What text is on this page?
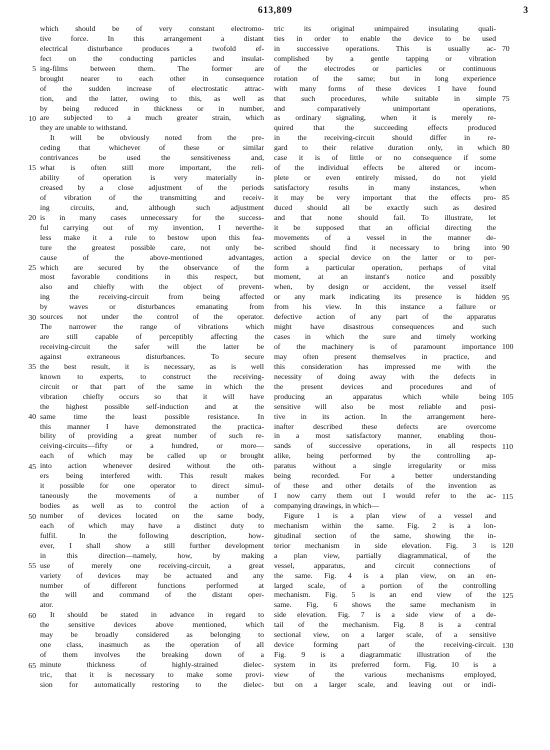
613,809	3
5
10
15
20
25
30
35
40
45
50
55
60
65
which should be of very constant electromo-
tive force. In this arrangement a distant
electrical disturbance produces a twofold ef-
fect on the conducting particles and insulat-
ing-films between them. The former are
brought nearer to each other in consequence
of the sudden increase of electrostatic attrac-
tion, and the latter, owing to this, as well as
by being reduced in thickness or in number,
are subjected to a much greater strain, which
they are unable to withstand.
It will be obviously noted from the pre-
ceding that whichever of these or similar
contrivances be used the sensitiveness and,
what is often still more important, the reli-
ability of operation is very materially in-
creased by a close adjustment of the periods
of vibration of the transmitting and receiv-
ing circuits, and, although such adjustment
is in many cases unnecessary for the success-
ful carrying out of my invention, I neverthe-
less make it a rule to bestow upon this fea-
ture the greatest possible care, not only be-
cause of the above-mentioned advantages,
which are secured by the observance of the
most favorable conditions in this respect, but
also and chiefly with the object of prevent-
ing the receiving-circuit from being affected
by waves or disturbances emanating from
sources not under the control of the operator.
The narrower the range of vibrations which
are still capable of perceptibly affecting the
receiving-circuit the safer will the latter be
against extraneous disturbances. To secure
the best result, it is necessary, as is well
known to experts, to construct the receiving-
circuit or that part of the same in which the
vibration chiefly occurs so that it will have
the highest possible self-induction and at the
same time the least possible resistance. In
this manner I have demonstrated the practica-
bility of providing a great number of such re-
ceiving-circuits—fifty or a hundred, or more—
each of which may be called up or brought
into action whenever desired without the oth-
ers being interfered with. This result makes
it possible for one operator to direct simul-
taneously the movements of a number of
bodies as well as to control the action of a
number of devices located on the same body,
each of which may have a distinct duty to
fulfil. In the following description, how-
ever, I shall show a still further development
in this direction—namely, how, by making
use of merely one receiving-circuit, a great
variety of devices may be actuated and any
number of different functions performed at
the will and command of the distant oper-
ator.
It should be stated in advance in regard to
the sensitive devices above mentioned, which
may be broadly considered as belonging to
one class, inasmuch as the operation of all
of them involves the breaking down of a
minute thickness of highly-strained dielec-
tric, that it is necessary to make some provi-
sion for automatically restoring to the dielec-
tric its original unimpaired insulating quali-
ties in order to enable the device to be used
in successive operations. This is usually ac-
complished by a gentle tapping or vibration
of the electrodes or particles or continuous
rotation of the same; but in long experience
with many forms of these devices I have found
that such procedures, while suitable in simple
and comparatively unimportant operations,
as ordinary signaling, when it is merely re-
quired that the succeeding effects produced
in the receiving-circuit should differ in re-
gard to their relative duration only, in which
case it is of little or no consequence if some
of the individual effects be altered or incom-
plete or even entirely missed, do not yield
satisfactory results in many instances, when
it may be very important that the effects pro-
duced should all be exactly such as desired
and that none should fail. To illustrate, let
it be supposed that an official directing the
movements of a vessel in the manner de-
scribed should find it necessary to bring into
action a special device on the latter or to per-
form a particular operation, perhaps of vital
moment, at an instant's notice and possibly
when, by design or accident, the vessel itself
or any mark indicating its presence is hidden
from his view. In this instance a failure or
defective action of any part of the apparatus
might have disastrous consequences and such
cases in which the sure and timely working
of the machinery is of paramount importance
may often present themselves in practice, and
this consideration has impressed me with the
necessity of doing away with the defects in
the present devices and procedures and of
producing an apparatus which while being
sensitive will also be most reliable and posi-
tive in its action. In the arrangement here-
inafter described these defects are overcome
in a most satisfactory manner, enabling thou-
sands of successive operations, in all respects
alike, being performed by the controlling ap-
paratus without a single irregularity or miss
being recorded. For a better understanding
of these and other details of the invention as
I now carry them out I would refer to the ac-
companying drawings, in which—
Figure 1 is a plan view of a vessel and
mechanism within the same. Fig. 2 is a lon-
gitudinal section of the same, showing the in-
terior mechanism in side elevation. Fig. 3 is
a plan view, partially diagrammatical, of the
vessel, apparatus, and circuit connections of
the same. Fig. 4 is a plan view, on an en-
larged scale, of a portion of the controlling
mechanism. Fig. 5 is an end view of the
same. Fig. 6 shows the same mechanism in
side elevation. Fig. 7 is a side view of a de-
tail of the mechanism. Fig. 8 is a central
sectional view, on a larger scale, of a sensitive
device forming part of the receiving-circuit.
Fig. 9 is a diagrammatic illustration of the
system in its preferred form. Fig. 10 is a
view of the various mechanisms employed,
but on a larger scale, and leaving out or indi-
70
75
80
85
90
95
100
105
110
115
120
125
130
